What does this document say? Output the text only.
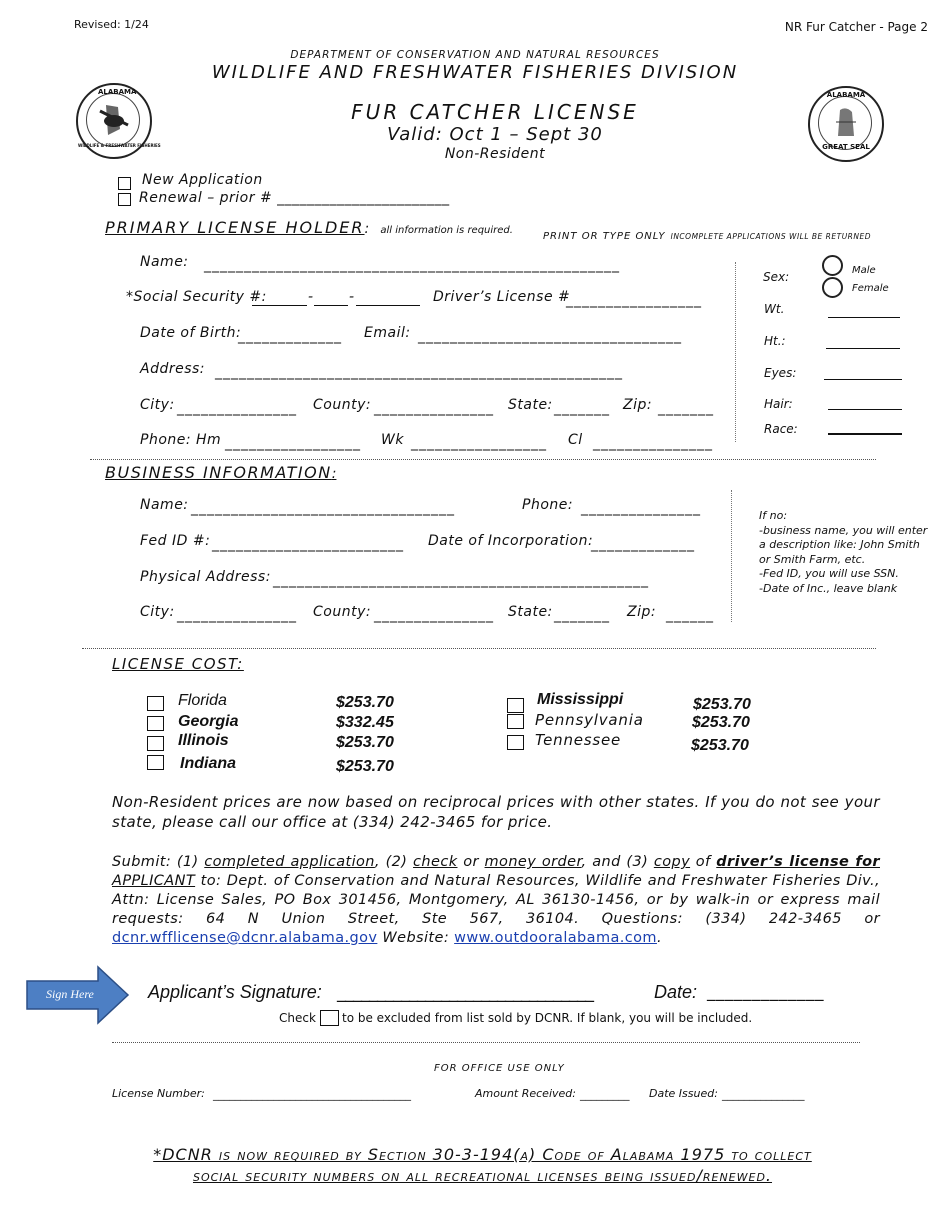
Revised: 1/24	NR Fur Catcher - Page 2
DEPARTMENT OF CONSERVATION AND NATURAL RESOURCES
WILDLIFE AND FRESHWATER FISHERIES DIVISION
FUR CATCHER LICENSE
Valid: Oct 1 – Sept 30
Non-Resident
ALABAMA
WILDLIFE & FRESHWATER FISHERIES
ALABAMA
GREAT SEAL
New Application
Renewal – prior # _______________________
PRIMARY LICENSE HOLDER: all information is required.
PRINT OR TYPE ONLY INCOMPLETE APPLICATIONS WILL BE RETURNED
Name: ____________________________________________________
*Social Security #:	-	-	Driver’s License #
_________________
Date of Birth:
_____________ Email: _________________________________
Address: ___________________________________________________
City: _______________ County: _______________ State: _______ Zip: _______
Phone: Hm _________________ Wk _________________ Cl _______________
Sex:	Male
Female
Wt.
Ht.:
Eyes:
Hair:
Race:
BUSINESS INFORMATION:
Name: _________________________________	Phone: _______________
Fed ID #: ________________________ Date of Incorporation:
_____________
Physical Address: _______________________________________________
City: _______________ County: _______________ State: _______ Zip: ______
If no:
-business name, you will enter
a description like: John Smith
or Smith Farm, etc.
-Fed ID, you will use SSN.
-Date of Inc., leave blank
LICENSE COST:
Florida	$253.70
Georgia	$332.45
Illinois	$253.70
Indiana	$253.70
Mississippi	$253.70
Pennsylvania	$253.70
Tennessee	$253.70
Non-Resident prices are now based on reciprocal prices with other states. If you do not see your state, please call our office at (334) 242-3465 for price.
Submit: (1) completed application, (2) check or money order, and (3) copy of driver’s license for APPLICANT to: Dept. of Conservation and Natural Resources, Wildlife and Freshwater Fisheries Div., Attn: License Sales, PO Box 301456, Montgomery, AL 36130-1456, or by walk-in or express mail requests: 64 N Union Street, Ste 567, 36104. Questions: (334) 242-3465 or dcnr.wfflicense@dcnr.alabama.gov Website: www.outdooralabama.com.
Sign Here	Applicant’s Signature: ________________________________	Date: _____________
Check to be excluded from list sold by DCNR. If blank, you will be included.
FOR OFFICE USE ONLY
License Number: ____________________________________	Amount Received: _________ Date Issued: _______________
*DCNR is now required by Section 30-3-194(a) Code of Alabama 1975 to collect
social security numbers on all recreational licenses being issued/renewed.
